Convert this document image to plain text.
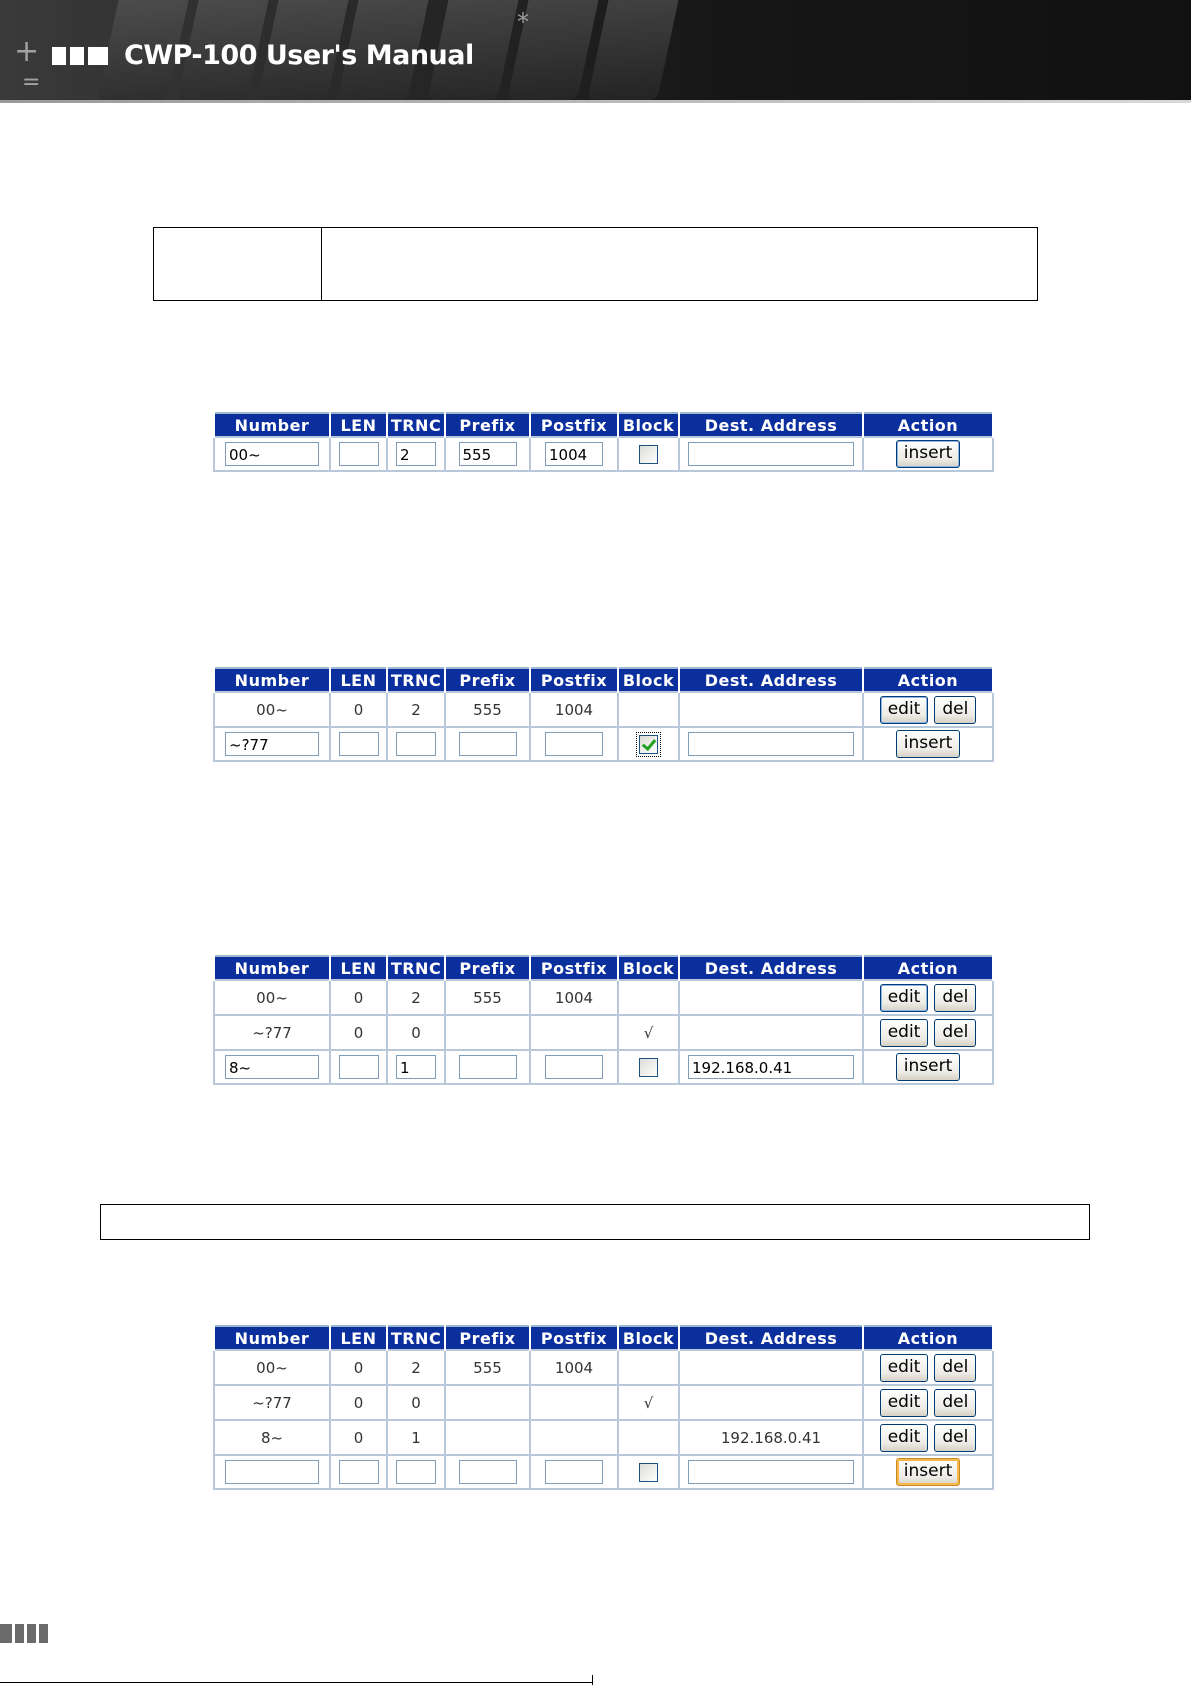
+
=
*
CWP-100 User's Manual
Number	LEN	TRNC	Prefix	Postfix	Block	Dest. Address	Action
00~		2	555	1004			insert
Number	LEN	TRNC	Prefix	Postfix	Block	Dest. Address	Action
00~	0	2	555	1004			edit del
~?77							insert
Number	LEN	TRNC	Prefix	Postfix	Block	Dest. Address	Action
00~	0	2	555	1004			edit del
~?77	0	0			√		edit del
8~		1				192.168.0.41	insert
Number	LEN	TRNC	Prefix	Postfix	Block	Dest. Address	Action
00~	0	2	555	1004			edit del
~?77	0	0			√		edit del
8~	0	1				192.168.0.41	edit del
							insert
